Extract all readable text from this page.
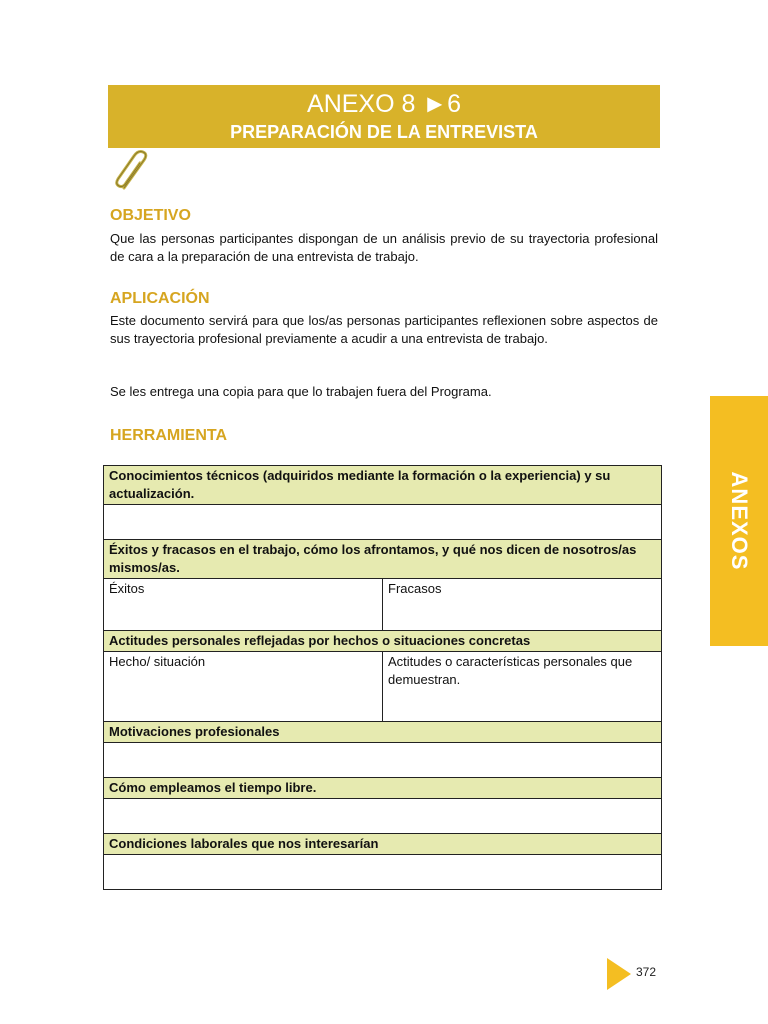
ANEXO 8 ►6
PREPARACIÓN DE LA ENTREVISTA
OBJETIVO
Que las personas participantes dispongan de un análisis previo de su trayectoria profesional de cara a la preparación de una entrevista de trabajo.
APLICACIÓN
Este documento servirá para que los/as personas participantes reflexionen sobre aspectos de sus trayectoria profesional previamente a acudir a una entrevista de trabajo.
Se les entrega una copia para que lo trabajen fuera del Programa.
HERRAMIENTA
Conocimientos técnicos (adquiridos mediante la formación o la experiencia) y su actualización.	

Éxitos y fracasos en el trabajo, cómo los afrontamos, y qué nos dicen de nosotros/as mismos/as.	
Éxitos	Fracasos
Actitudes personales reflejadas por hechos o situaciones concretas	
Hecho/ situación	Actitudes o características personales que demuestran.
Motivaciones profesionales	

Cómo empleamos el tiempo libre.	

Condiciones laborales que nos interesarían	

ANEXOS
372
